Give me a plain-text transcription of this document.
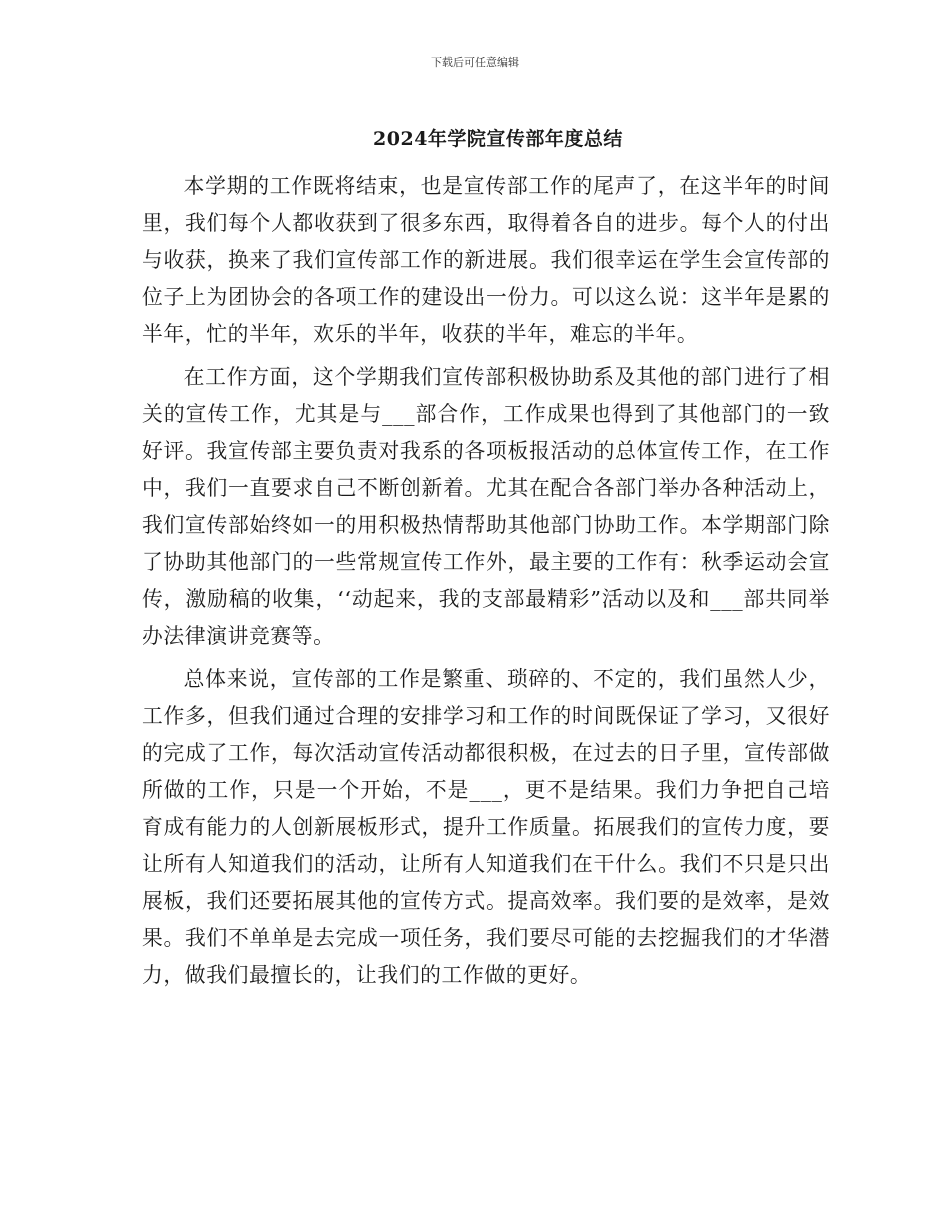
下载后可任意编辑
2024年学院宣传部年度总结

本学期的工作既将结束，也是宣传部工作的尾声了，在这半年的时间里，我们每个人都收获到了很多东西，取得着各自的进步。每个人的付出与收获，换来了我们宣传部工作的新进展。我们很幸运在学生会宣传部的位子上为团协会的各项工作的建设出一份力。可以这么说：这半年是累的半年，忙的半年，欢乐的半年，收获的半年，难忘的半年。

在工作方面，这个学期我们宣传部积极协助系及其他的部门进行了相关的宣传工作，尤其是与___部合作，工作成果也得到了其他部门的一致好评。我宣传部主要负责对我系的各项板报活动的总体宣传工作，在工作中，我们一直要求自己不断创新着。尤其在配合各部门举办各种活动上，我们宣传部始终如一的用积极热情帮助其他部门协助工作。本学期部门除了协助其他部门的一些常规宣传工作外，最主要的工作有：秋季运动会宣传，激励稿的收集，‘‘动起来，我的支部最精彩”活动以及和___部共同举办法律演讲竞赛等。

总体来说，宣传部的工作是繁重、琐碎的、不定的，我们虽然人少，工作多，但我们通过合理的安排学习和工作的时间既保证了学习，又很好的完成了工作，每次活动宣传活动都很积极，在过去的日子里，宣传部做所做的工作，只是一个开始，不是___，更不是结果。我们力争把自己培育成有能力的人创新展板形式，提升工作质量。拓展我们的宣传力度，要让所有人知道我们的活动，让所有人知道我们在干什么。我们不只是只出展板，我们还要拓展其他的宣传方式。提高效率。我们要的是效率，是效果。我们不单单是去完成一项任务，我们要尽可能的去挖掘我们的才华潜力，做我们最擅长的，让我们的工作做的更好。
